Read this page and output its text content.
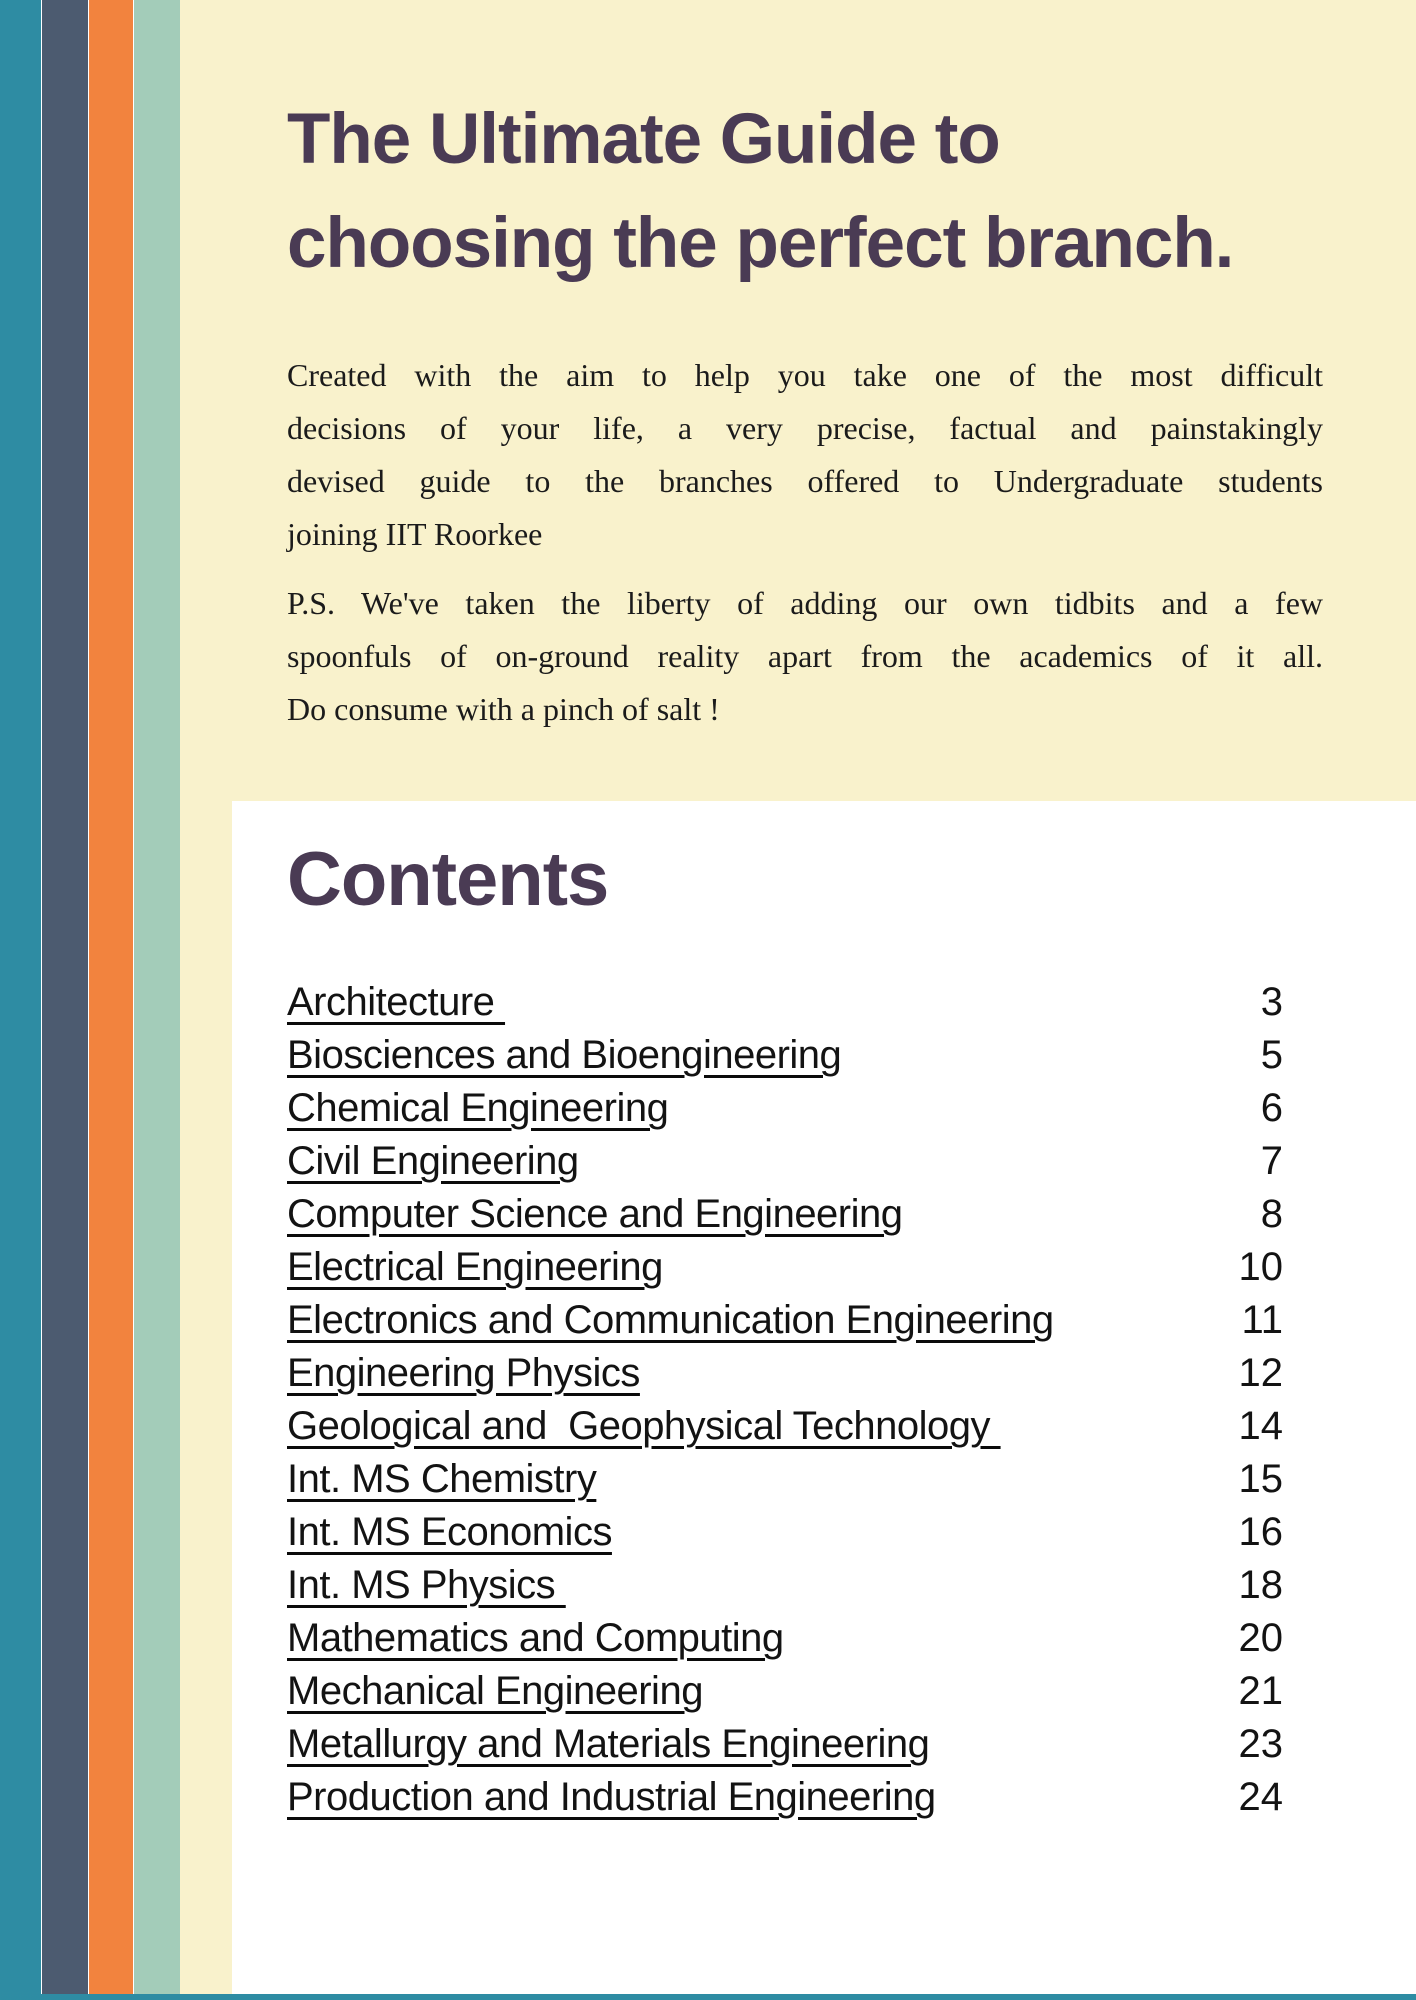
The Ultimate Guide to
choosing the perfect branch.
Created with the aim to help you take one of the most difficult
decisions of your life, a very precise, factual and painstakingly
devised guide to the branches offered to Undergraduate students
joining IIT Roorkee
P.S. We've taken the liberty of adding our own tidbits and a few
spoonfuls of on-ground reality apart from the academics of it all.
Do consume with a pinch of salt !
Contents
Architecture	3
Biosciences and Bioengineering	5
Chemical Engineering	6
Civil Engineering	7
Computer Science and Engineering	8
Electrical Engineering	10
Electronics and Communication Engineering	11
Engineering Physics	12
Geological and  Geophysical Technology	14
Int. MS Chemistry	15
Int. MS Economics	16
Int. MS Physics	18
Mathematics and Computing	20
Mechanical Engineering	21
Metallurgy and Materials Engineering	23
Production and Industrial Engineering	24
